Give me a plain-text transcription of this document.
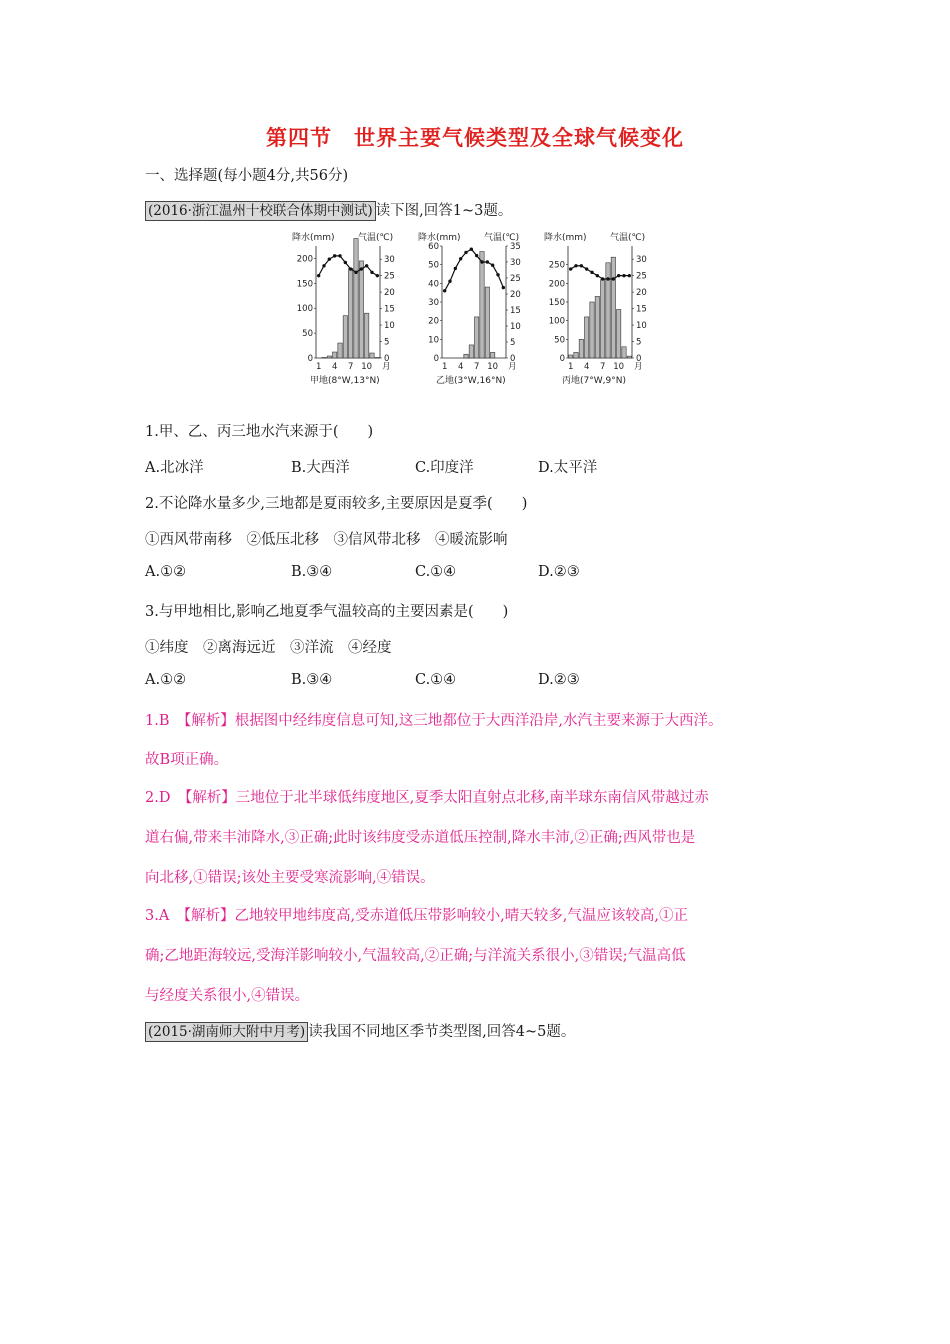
第四节　世界主要气候类型及全球气候变化
一、选择题(每小题4分,共56分)
(2016·浙江温州十校联合体期中测试) 读下图,回答1~3题。
降水(mm)	气温(℃)
0
50
100
150
200
0
5
10
15
20
25
30
1 4 7 10 月
甲地(8°W,13°N)
降水(mm)	气温(℃)
0
10
20
30
40
50
60
0
5
10
15
20
25
30
35
1 4 7 10 月
乙地(3°W,16°N)
降水(mm)	气温(℃)
0
50
100
150
200
250
0
5
10
15
20
25
30
1 4 7 10 月
丙地(7°W,9°N)
1.甲、乙、丙三地水汽来源于(　　)
A.北冰洋	B.大西洋	C.印度洋	D.太平洋
2.不论降水量多少,三地都是夏雨较多,主要原因是夏季(　　)
①西风带南移　②低压北移　③信风带北移　④暖流影响
A.①②	B.③④	C.①④	D.②③
3.与甲地相比,影响乙地夏季气温较高的主要因素是(　　)
①纬度　②离海远近　③洋流　④经度
A.①②	B.③④	C.①④	D.②③
1.B　【解析】根据图中经纬度信息可知,这三地都位于大西洋沿岸,水汽主要来源于大西洋。
故B项正确。
2.D　【解析】三地位于北半球低纬度地区,夏季太阳直射点北移,南半球东南信风带越过赤
道右偏,带来丰沛降水,③正确;此时该纬度受赤道低压控制,降水丰沛,②正确;西风带也是
向北移,①错误;该处主要受寒流影响,④错误。
3.A　【解析】乙地较甲地纬度高,受赤道低压带影响较小,晴天较多,气温应该较高,①正
确;乙地距海较远,受海洋影响较小,气温较高,②正确;与洋流关系很小,③错误;气温高低
与经度关系很小,④错误。
(2015·湖南师大附中月考) 读我国不同地区季节类型图,回答4~5题。
